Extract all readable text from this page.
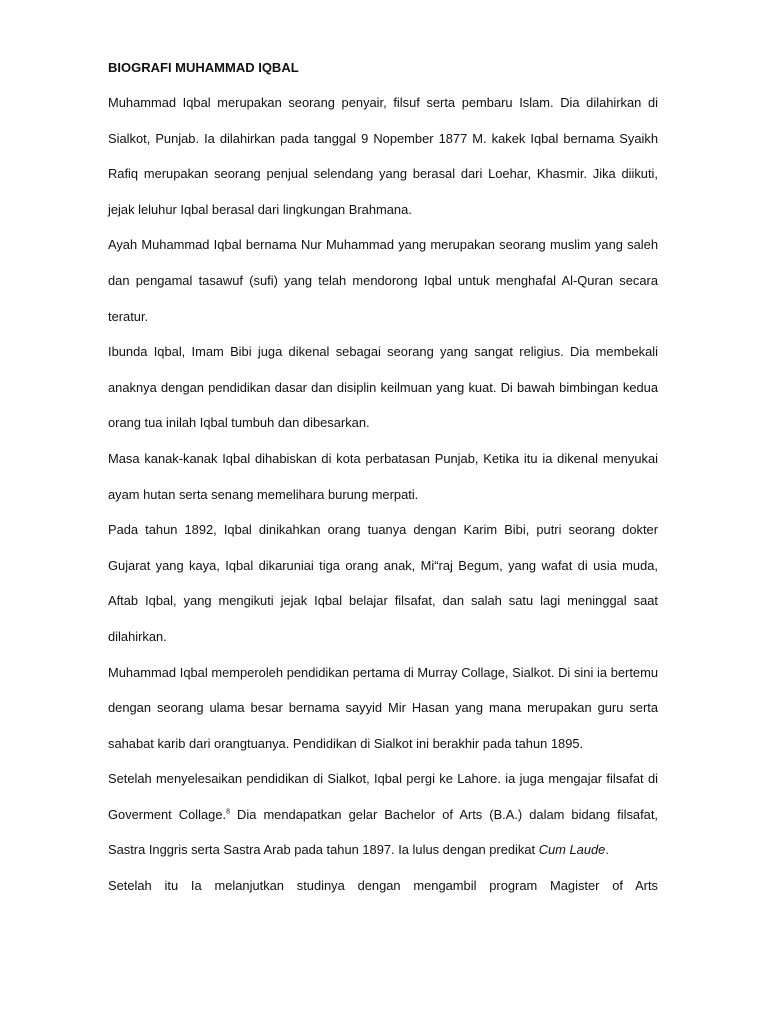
BIOGRAFI MUHAMMAD IQBAL

Muhammad Iqbal merupakan seorang penyair, filsuf serta pembaru Islam. Dia dilahirkan di Sialkot, Punjab. Ia dilahirkan pada tanggal 9 Nopember 1877 M. kakek Iqbal bernama Syaikh Rafiq merupakan seorang penjual selendang yang berasal dari Loehar, Khasmir. Jika diikuti, jejak leluhur Iqbal berasal dari lingkungan Brahmana.

Ayah Muhammad Iqbal bernama Nur Muhammad yang merupakan seorang muslim yang saleh dan pengamal tasawuf (sufi) yang telah mendorong Iqbal untuk menghafal Al-Quran secara teratur.

Ibunda Iqbal, Imam Bibi juga dikenal sebagai seorang yang sangat religius. Dia membekali anaknya dengan pendidikan dasar dan disiplin keilmuan yang kuat. Di bawah bimbingan kedua orang tua inilah Iqbal tumbuh dan dibesarkan.

Masa kanak-kanak Iqbal dihabiskan di kota perbatasan Punjab, Ketika itu ia dikenal menyukai ayam hutan serta senang memelihara burung merpati.

Pada tahun 1892, Iqbal dinikahkan orang tuanya dengan Karim Bibi, putri seorang dokter Gujarat yang kaya, Iqbal dikaruniai tiga orang anak, Mi“raj Begum, yang wafat di usia muda, Aftab Iqbal, yang mengikuti jejak Iqbal belajar filsafat, dan salah satu lagi meninggal saat dilahirkan.

Muhammad Iqbal memperoleh pendidikan pertama di Murray Collage, Sialkot. Di sini ia bertemu dengan seorang ulama besar bernama sayyid Mir Hasan yang mana merupakan guru serta sahabat karib dari orangtuanya. Pendidikan di Sialkot ini berakhir pada tahun 1895.

Setelah menyelesaikan pendidikan di Sialkot, Iqbal pergi ke Lahore. ia juga mengajar filsafat di Goverment Collage.$^8$ Dia mendapatkan gelar Bachelor of Arts (B.A.) dalam bidang filsafat, Sastra Inggris serta Sastra Arab pada tahun 1897. Ia lulus dengan predikat Cum Laude.

Setelah itu Ia melanjutkan studinya dengan mengambil program Magister of Arts
